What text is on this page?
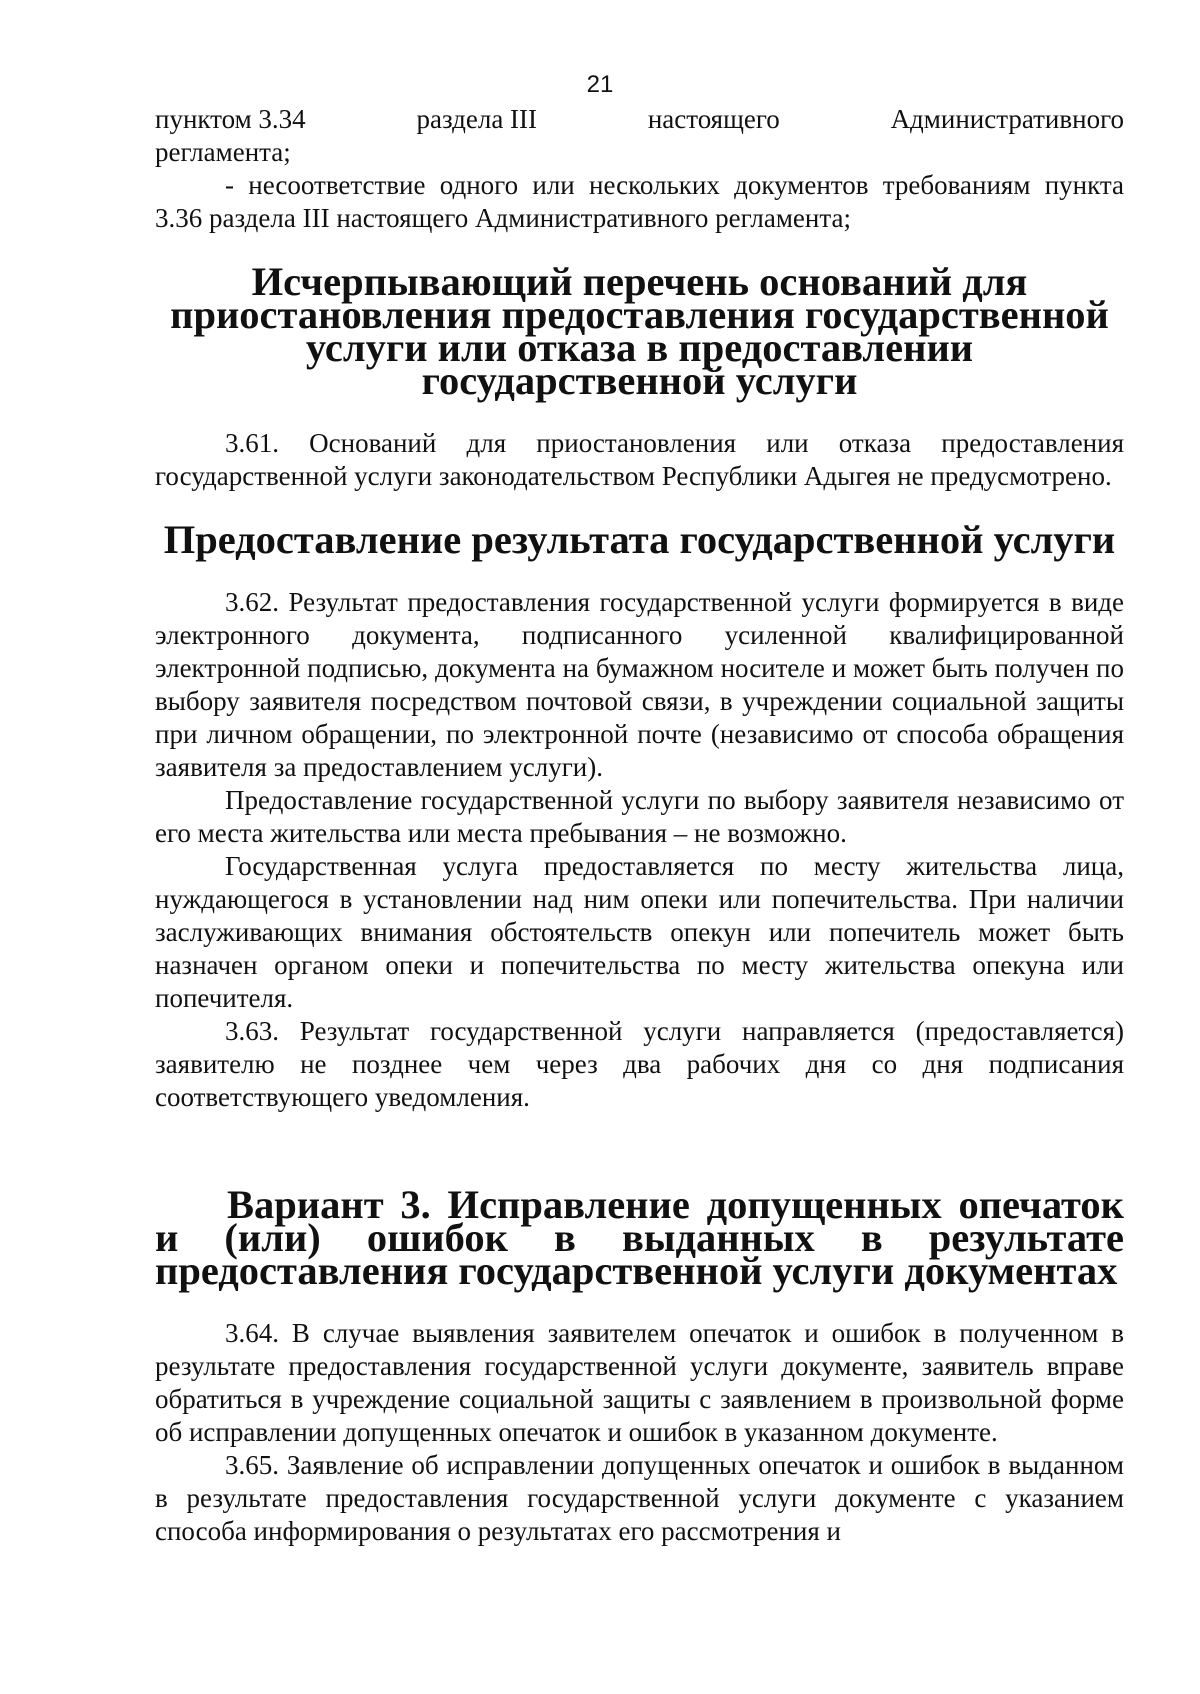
21
пунктом 3.34	раздела III	настоящего	Административного

регламента;

- несоответствие одного или нескольких документов требованиям пункта 3.36 раздела III настоящего Административного регламента;

Исчерпывающий перечень оснований для приостановления предоставления государственной услуги или отказа в предоставлении государственной услуги

3.61. Оснований для приостановления или отказа предоставления государственной услуги законодательством Республики Адыгея не предусмотрено.

Предоставление результата государственной услуги

3.62. Результат предоставления государственной услуги формируется в виде электронного документа, подписанного усиленной квалифицированной электронной подписью, документа на бумажном носителе и может быть получен по выбору заявителя посредством почтовой связи, в учреждении социальной защиты при личном обращении, по электронной почте (независимо от способа обращения заявителя за предоставлением услуги).

Предоставление государственной услуги по выбору заявителя независимо от его места жительства или места пребывания – не возможно.

Государственная услуга предоставляется по месту жительства лица, нуждающегося в установлении над ним опеки или попечительства. При наличии заслуживающих внимания обстоятельств опекун или попечитель может быть назначен органом опеки и попечительства по месту жительства опекуна или попечителя.

3.63. Результат государственной услуги направляется (предоставляется) заявителю не позднее чем через два рабочих дня со дня подписания соответствующего уведомления.

Вариант 3. Исправление допущенных опечаток и (или) ошибок в выданных в результате предоставления государственной услуги документах

3.64. В случае выявления заявителем опечаток и ошибок в полученном в результате предоставления государственной услуги документе, заявитель вправе обратиться в учреждение социальной защиты с заявлением в произвольной форме об исправлении допущенных опечаток и ошибок в указанном документе.

3.65. Заявление об исправлении допущенных опечаток и ошибок в выданном в результате предоставления государственной услуги документе с указанием способа информирования о результатах его рассмотрения и
